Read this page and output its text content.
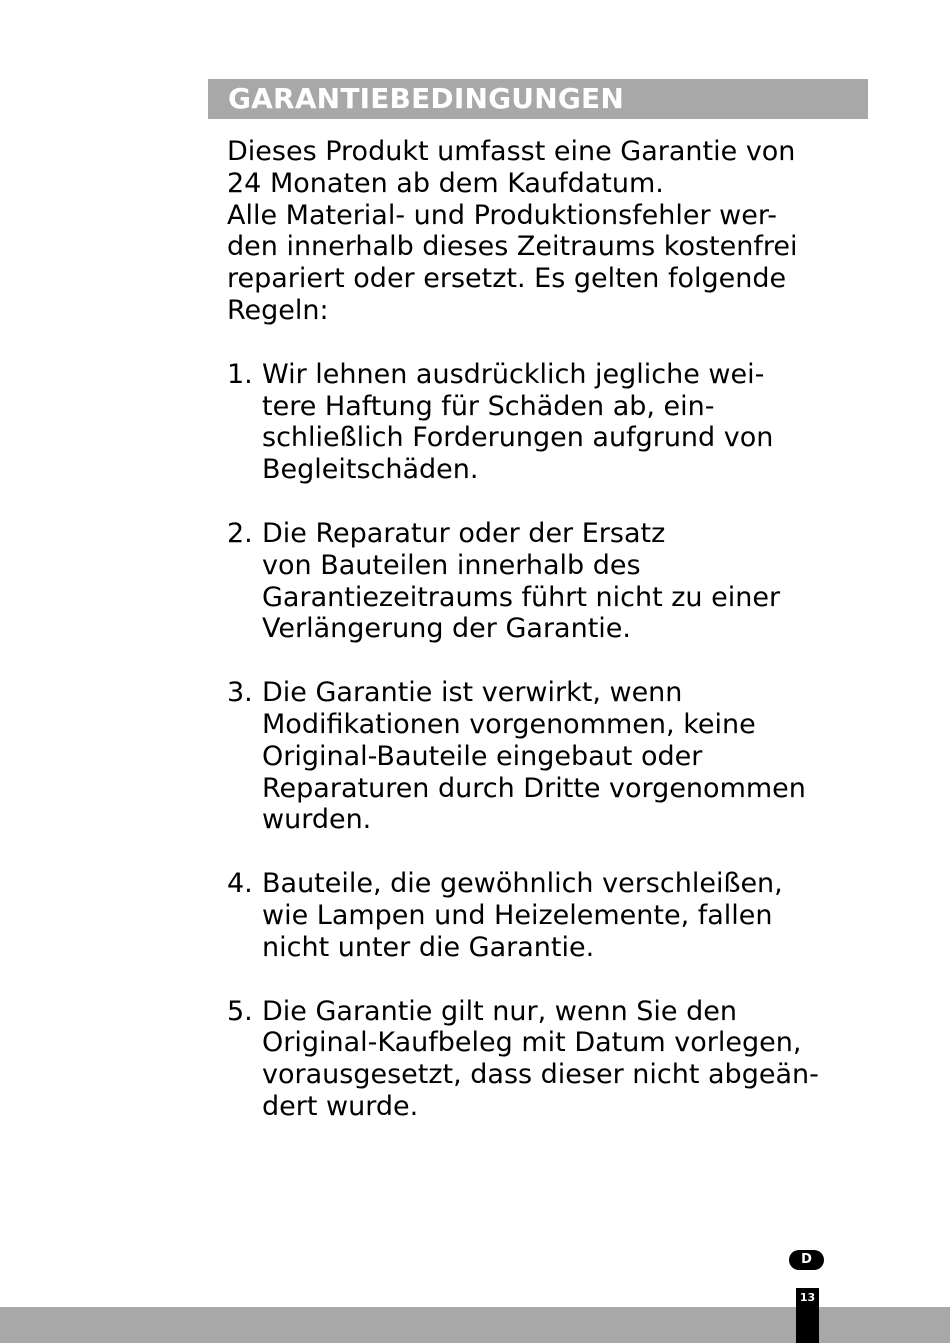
GARANTIEBEDINGUNGEN

Dieses Produkt umfasst eine Garantie von
24 Monaten ab dem Kaufdatum.
Alle Material- und Produktionsfehler wer-
den innerhalb dieses Zeitraums kostenfrei
repariert oder ersetzt. Es gelten folgende
Regeln:

1. Wir lehnen ausdrücklich jegliche wei-
tere Haftung für Schäden ab, ein-
schließlich Forderungen aufgrund von
Begleitschäden.
2. Die Reparatur oder der Ersatz
von Bauteilen innerhalb des
Garantiezeitraums führt nicht zu einer
Verlängerung der Garantie.
3. Die Garantie ist verwirkt, wenn
Modifikationen vorgenommen, keine
Original-Bauteile eingebaut oder
Reparaturen durch Dritte vorgenommen
wurden.
4. Bauteile, die gewöhnlich verschleißen,
wie Lampen und Heizelemente, fallen
nicht unter die Garantie.
5. Die Garantie gilt nur, wenn Sie den
Original-Kaufbeleg mit Datum vorlegen,
vorausgesetzt, dass dieser nicht abgeän-
dert wurde.
D
13
